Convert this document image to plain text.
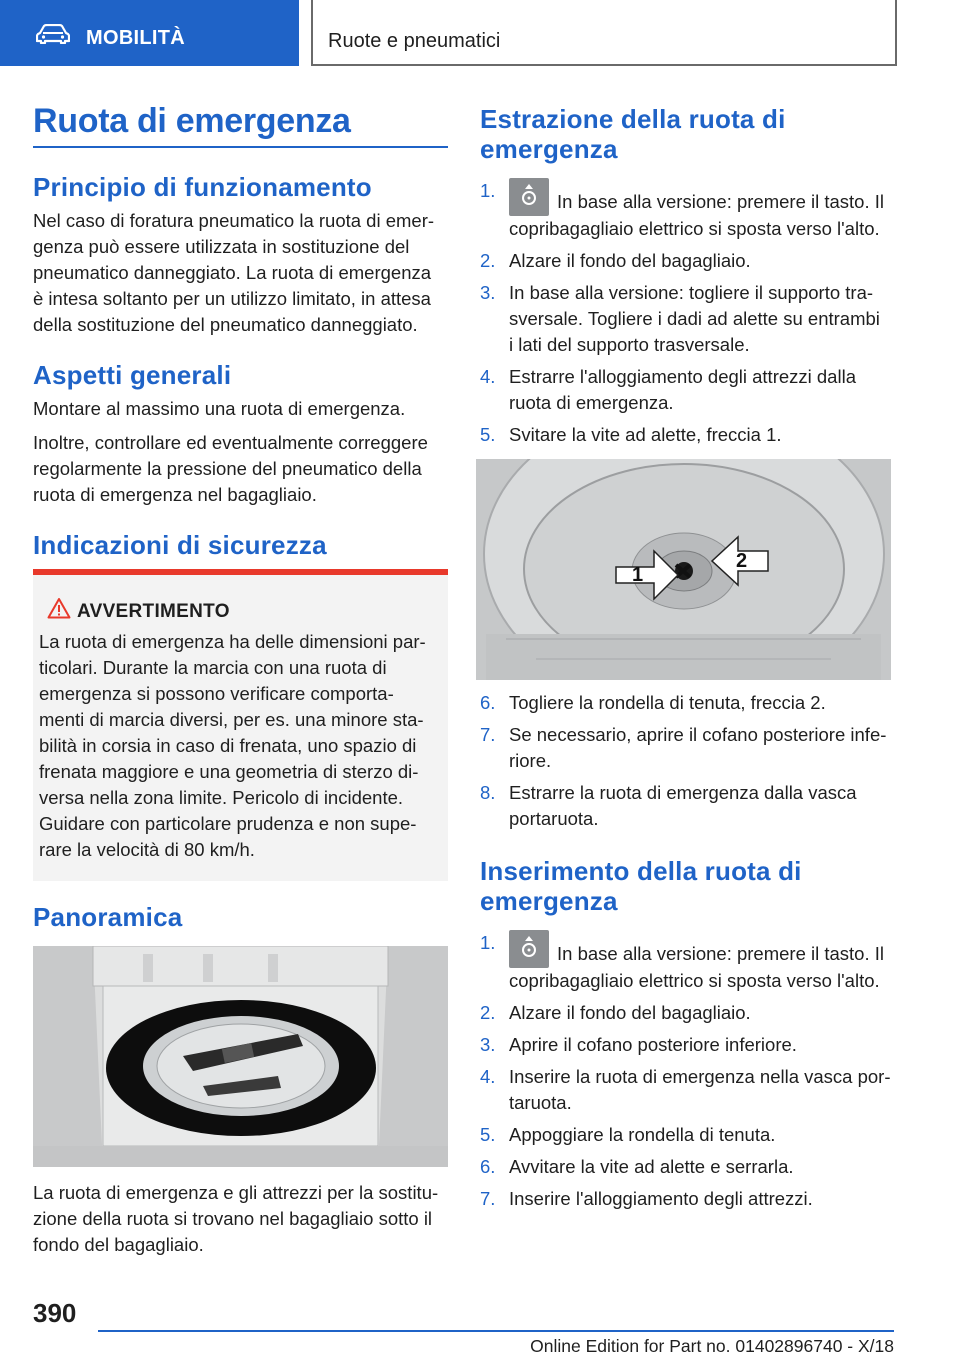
MOBILITÀ	Ruote e pneumatici
Ruota di emergenza
Principio di funzionamento
Nel caso di foratura pneumatico la ruota di emer-
genza può essere utilizzata in sostituzione del
pneumatico danneggiato. La ruota di emergenza
è intesa soltanto per un utilizzo limitato, in attesa
della sostituzione del pneumatico danneggiato.
Aspetti generali
Montare al massimo una ruota di emergenza.
Inoltre, controllare ed eventualmente correggere
regolarmente la pressione del pneumatico della
ruota di emergenza nel bagagliaio.
Indicazioni di sicurezza
AVVERTIMENTO
La ruota di emergenza ha delle dimensioni par-
ticolari. Durante la marcia con una ruota di
emergenza si possono verificare comporta-
menti di marcia diversi, per es. una minore sta-
bilità in corsia in caso di frenata, uno spazio di
frenata maggiore e una geometria di sterzo di-
versa nella zona limite. Pericolo di incidente.
Guidare con particolare prudenza e non supe-
rare la velocità di 80 km/h.
Panoramica
La ruota di emergenza e gli attrezzi per la sostitu-
zione della ruota si trovano nel bagagliaio sotto il
fondo del bagagliaio.
Estrazione della ruota di
emergenza
1.
In base alla versione: premere il tasto. Il
copribagagliaio elettrico si sposta verso l'alto.
2. Alzare il fondo del bagagliaio.
3. In base alla versione: togliere il supporto tra-
sversale. Togliere i dadi ad alette su entrambi
i lati del supporto trasversale.
4. Estrarre l'alloggiamento degli attrezzi dalla
ruota di emergenza.
5. Svitare la vite ad alette, freccia 1.
1
2
6. Togliere la rondella di tenuta, freccia 2.
7. Se necessario, aprire il cofano posteriore infe-
riore.
8. Estrarre la ruota di emergenza dalla vasca
portaruota.
Inserimento della ruota di
emergenza
1.
In base alla versione: premere il tasto. Il
copribagagliaio elettrico si sposta verso l'alto.
2. Alzare il fondo del bagagliaio.
3. Aprire il cofano posteriore inferiore.
4. Inserire la ruota di emergenza nella vasca por-
taruota.
5. Appoggiare la rondella di tenuta.
6. Avvitare la vite ad alette e serrarla.
7. Inserire l'alloggiamento degli attrezzi.
390
Online Edition for Part no. 01402896740 - X/18
